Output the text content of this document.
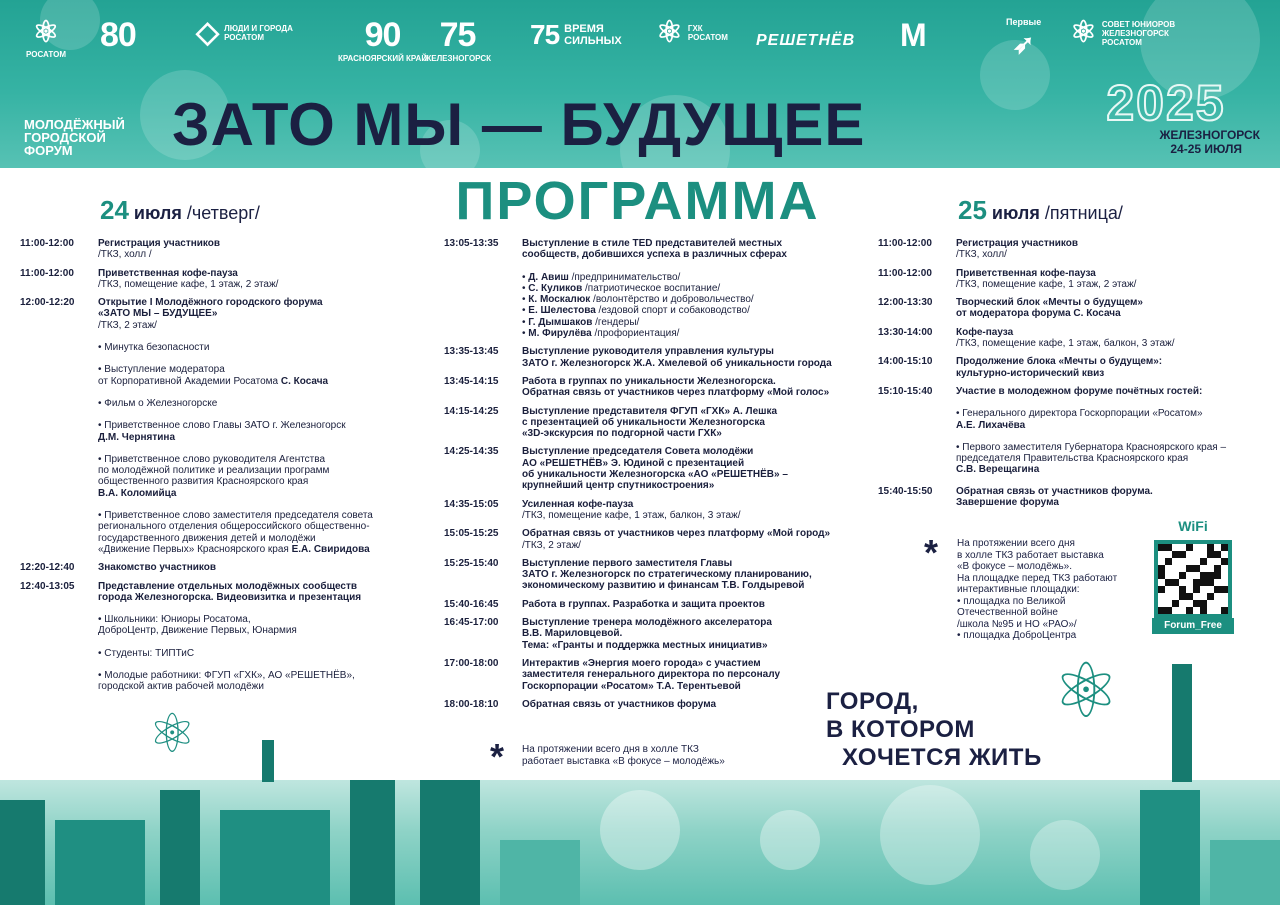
⚛
РОСАТОМ
80 ◇ ЛЮДИ И ГОРОДА
РОСАТОМ	90
КРАСНОЯРСКИЙ КРАЙ
75
ЖЕЛЕЗНОГОРСК
75 ВРЕМЯ
СИЛЬНЫХ ⚛ ГХК
РОСАТОМ РЕШЕТНЁВ M	Первые
➶ ⚛ СОВЕТ ЮНИОРОВ
ЖЕЛЕЗНОГОРСК
РОСАТОМ
МОЛОДЁЖНЫЙ ГОРОДСКОЙ ФОРУМ	ЗАТО МЫ — БУДУЩЕЕ	2025
ЖЕЛЕЗНОГОРСК
24-25 ИЮЛЯ
ПРОГРАММА
24 июля /четверг/
11:00-12:00	Регистрация участников
/ТКЗ, холл /
11:00-12:00	Приветственная кофе-пауза
/ТКЗ, помещение кафе, 1 этаж, 2 этаж/
12:00-12:20	Открытие I Молодёжного городского форума
«ЗАТО МЫ – БУДУЩЕЕ»
/ТКЗ, 2 этаж/
• Минутка безопасности
• Выступление модератора
от Корпоративной Академии Росатома С. Косача
• Фильм о Железногорске
• Приветственное слово Главы ЗАТО г. Железногорск
Д.М. Чернятина
• Приветственное слово руководителя Агентства
по молодёжной политике и реализации программ
общественного развития Красноярского края
В.А. Коломийца
• Приветственное слово заместителя председателя совета
регионального отделения общероссийского общественно-
государственного движения детей и молодёжи
«Движение Первых» Красноярского края Е.А. Свиридова
12:20-12:40	Знакомство участников
12:40-13:05	Представление отдельных молодёжных сообществ
города Железногорска. Видеовизитка и презентация
• Школьники: Юниоры Росатома,
ДоброЦентр, Движение Первых, Юнармия
• Студенты: ТИПТиС
• Молодые работники: ФГУП «ГХК», АО «РЕШЕТНЁВ»,
городской актив рабочей молодёжи
13:05-13:35	Выступление в стиле TED представителей местных
сообществ, добившихся успеха в различных сферах
• Д. Авиш /предпринимательство/
• С. Куликов /патриотическое воспитание/
• К. Москалюк /волонтёрство и добровольчество/
• Е. Шелестова /ездовой спорт и собаководство/
• Г. Дымшаков /гендеры/
• М. Фирулёва /профориентация/
13:35-13:45	Выступление руководителя управления культуры
ЗАТО г. Железногорск Ж.А. Хмелевой об уникальности города
13:45-14:15	Работа в группах по уникальности Железногорска.
Обратная связь от участников через платформу «Мой голос»
14:15-14:25	Выступление представителя ФГУП «ГХК» А. Лешка
с презентацией об уникальности Железногорска
«3D-экскурсия по подгорной части ГХК»
14:25-14:35	Выступление председателя Совета молодёжи
АО «РЕШЕТНЁВ» Э. Юдиной с презентацией
об уникальности Железногорска «АО «РЕШЕТНЁВ» –
крупнейший центр спутникостроения»
14:35-15:05	Усиленная кофе-пауза
/ТКЗ, помещение кафе, 1 этаж, балкон, 3 этаж/
15:05-15:25	Обратная связь от участников через платформу «Мой город»
/ТКЗ, 2 этаж/
15:25-15:40	Выступление первого заместителя Главы
ЗАТО г. Железногорск по стратегическому планированию,
экономическому развитию и финансам Т.В. Голдыревой
15:40-16:45	Работа в группах. Разработка и защита проектов
16:45-17:00	Выступление тренера молодёжного акселератора
В.В. Мариловцевой.
Тема: «Гранты и поддержка местных инициатив»
17:00-18:00	Интерактив «Энергия моего города» с участием
заместителя генерального директора по персоналу
Госкорпорации «Росатом» Т.А. Терентьевой
18:00-18:10	Обратная связь от участников форума
* На протяжении всего дня в холле ТКЗ
работает выставка «В фокусе – молодёжь»
25 июля /пятница/
11:00-12:00	Регистрация участников
/ТКЗ, холл/
11:00-12:00	Приветственная кофе-пауза
/ТКЗ, помещение кафе, 1 этаж, 2 этаж/
12:00-13:30	Творческий блок «Мечты о будущем»
от модератора форума С. Косача
13:30-14:00	Кофе-пауза
/ТКЗ, помещение кафе, 1 этаж, балкон, 3 этаж/
14:00-15:10	Продолжение блока «Мечты о будущем»:
культурно-исторический квиз
15:10-15:40	Участие в молодежном форуме почётных гостей:
• Генерального директора Госкорпорации «Росатом»
А.Е. Лихачёва
• Первого заместителя Губернатора Красноярского края –
председателя Правительства Красноярского края
С.В. Верещагина
15:40-15:50	Обратная связь от участников форума.
Завершение форума
* На протяжении всего дня
в холле ТКЗ работает выставка
«В фокусе – молодёжь».
На площадке перед ТКЗ работают
интерактивные площадки:
• площадка по Великой
Отечественной войне
/школа №95 и НО «РАО»/
• площадка ДоброЦентра
WiFi
Forum_Free
ГОРОД,
В КОТОРОМ
ХОЧЕТСЯ ЖИТЬ
⚛
⚛
